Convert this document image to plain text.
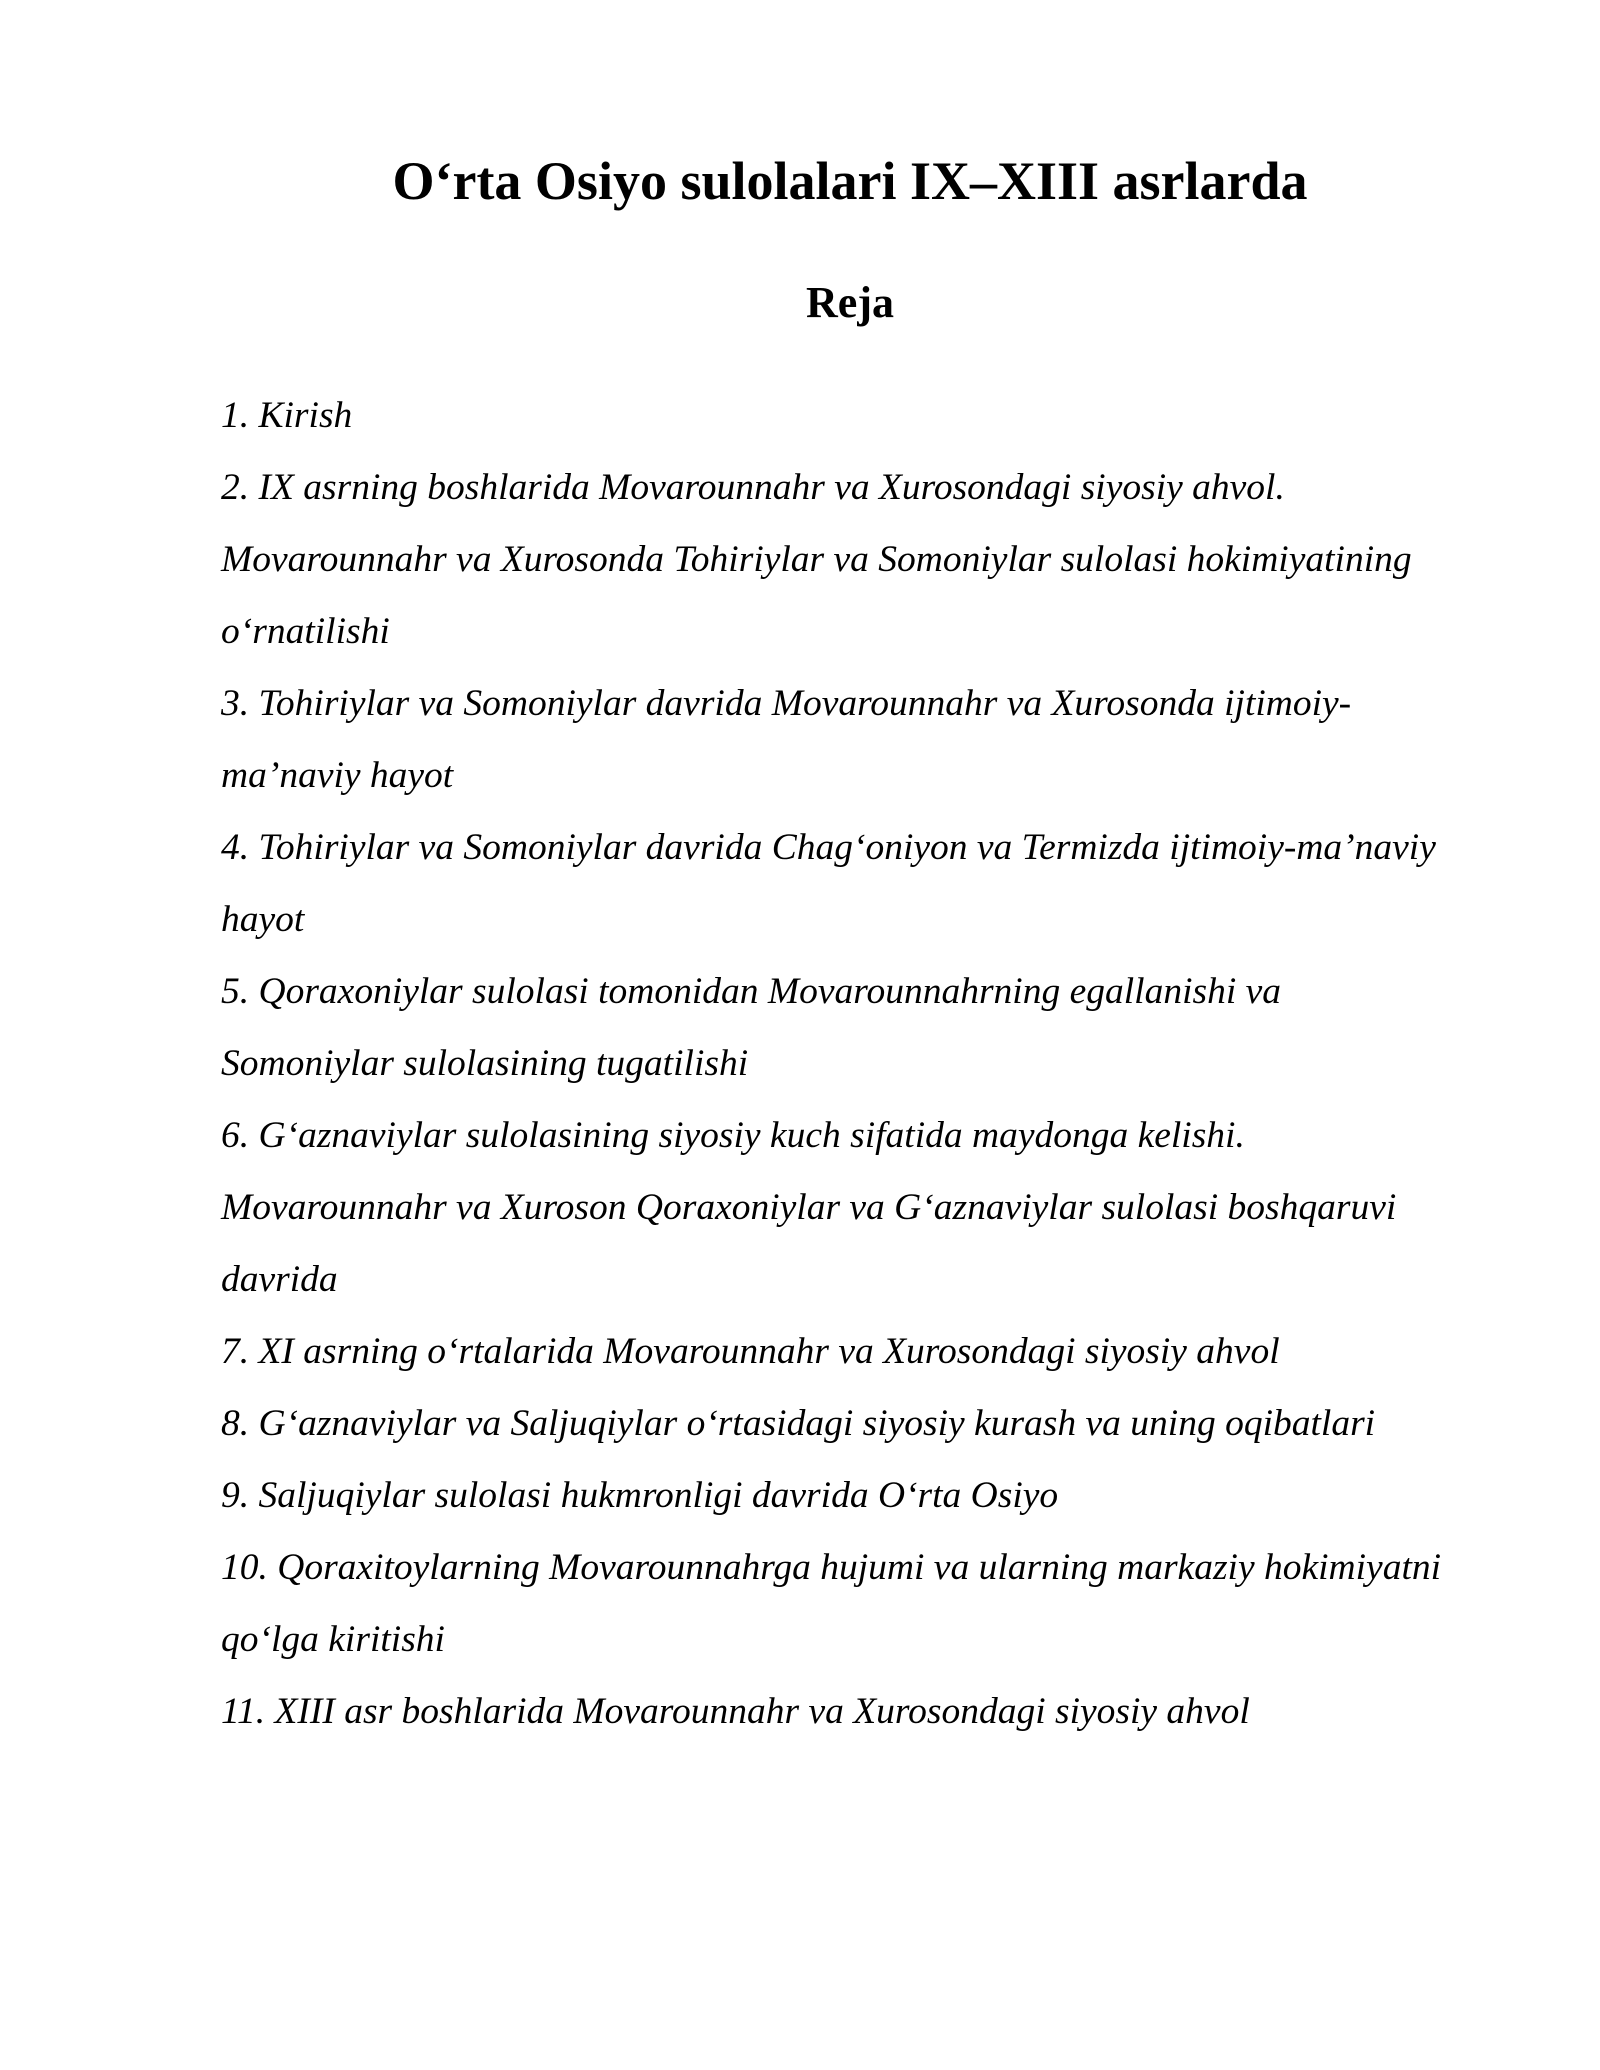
O‘rta Osiyo sulolalari IX–XIII asrlarda
Reja
1. Kirish
2. IX asrning boshlarida Movarounnahr va Xurosondagi siyosiy ahvol. Movarounnahr va Xurosonda Tohiriylar va Somoniylar sulolasi hokimiyatining o‘rnatilishi
3. Tohiriylar va Somoniylar davrida Movarounnahr va Xurosonda ijtimoiy-ma’naviy hayot
4. Tohiriylar va Somoniylar davrida Chag‘oniyon va Termizda ijtimoiy-ma’naviy hayot
5. Qoraxoniylar sulolasi tomonidan Movarounnahrning egallanishi va Somoniylar sulolasining tugatilishi
6. G‘aznaviylar sulolasining siyosiy kuch sifatida maydonga kelishi. Movarounnahr va Xuroson Qoraxoniylar va G‘aznaviylar sulolasi boshqaruvi davrida
7. XI asrning o‘rtalarida Movarounnahr va Xurosondagi siyosiy ahvol
8. G‘aznaviylar va Saljuqiylar o‘rtasidagi siyosiy kurash va uning oqibatlari
9. Saljuqiylar sulolasi hukmronligi davrida O‘rta Osiyo
10. Qoraxitoylarning Movarounnahrga hujumi va ularning markaziy hokimiyatni qo‘lga kiritishi
11. XIII asr boshlarida Movarounnahr va Xurosondagi siyosiy ahvol
